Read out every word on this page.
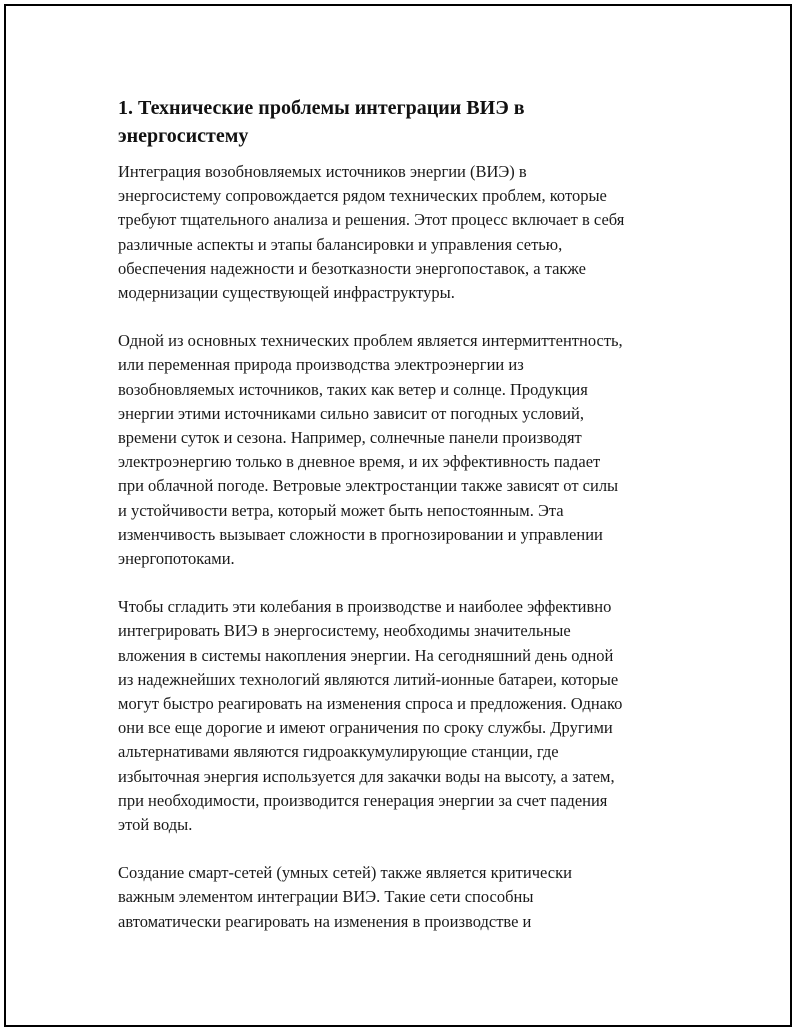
1. Технические проблемы интеграции ВИЭ в
энергосистему

Интеграция возобновляемых источников энергии (ВИЭ) в
энергосистему сопровождается рядом технических проблем, которые
требуют тщательного анализа и решения. Этот процесс включает в себя
различные аспекты и этапы балансировки и управления сетью,
обеспечения надежности и безотказности энергопоставок, а также
модернизации существующей инфраструктуры.

Одной из основных технических проблем является интермиттентность,
или переменная природа производства электроэнергии из
возобновляемых источников, таких как ветер и солнце. Продукция
энергии этими источниками сильно зависит от погодных условий,
времени суток и сезона. Например, солнечные панели производят
электроэнергию только в дневное время, и их эффективность падает
при облачной погоде. Ветровые электростанции также зависят от силы
и устойчивости ветра, который может быть непостоянным. Эта
изменчивость вызывает сложности в прогнозировании и управлении
энергопотоками.

Чтобы сгладить эти колебания в производстве и наиболее эффективно
интегрировать ВИЭ в энергосистему, необходимы значительные
вложения в системы накопления энергии. На сегодняшний день одной
из надежнейших технологий являются литий-ионные батареи, которые
могут быстро реагировать на изменения спроса и предложения. Однако
они все еще дорогие и имеют ограничения по сроку службы. Другими
альтернативами являются гидроаккумулирующие станции, где
избыточная энергия используется для закачки воды на высоту, а затем,
при необходимости, производится генерация энергии за счет падения
этой воды.

Создание смарт-сетей (умных сетей) также является критически
важным элементом интеграции ВИЭ. Такие сети способны
автоматически реагировать на изменения в производстве и
